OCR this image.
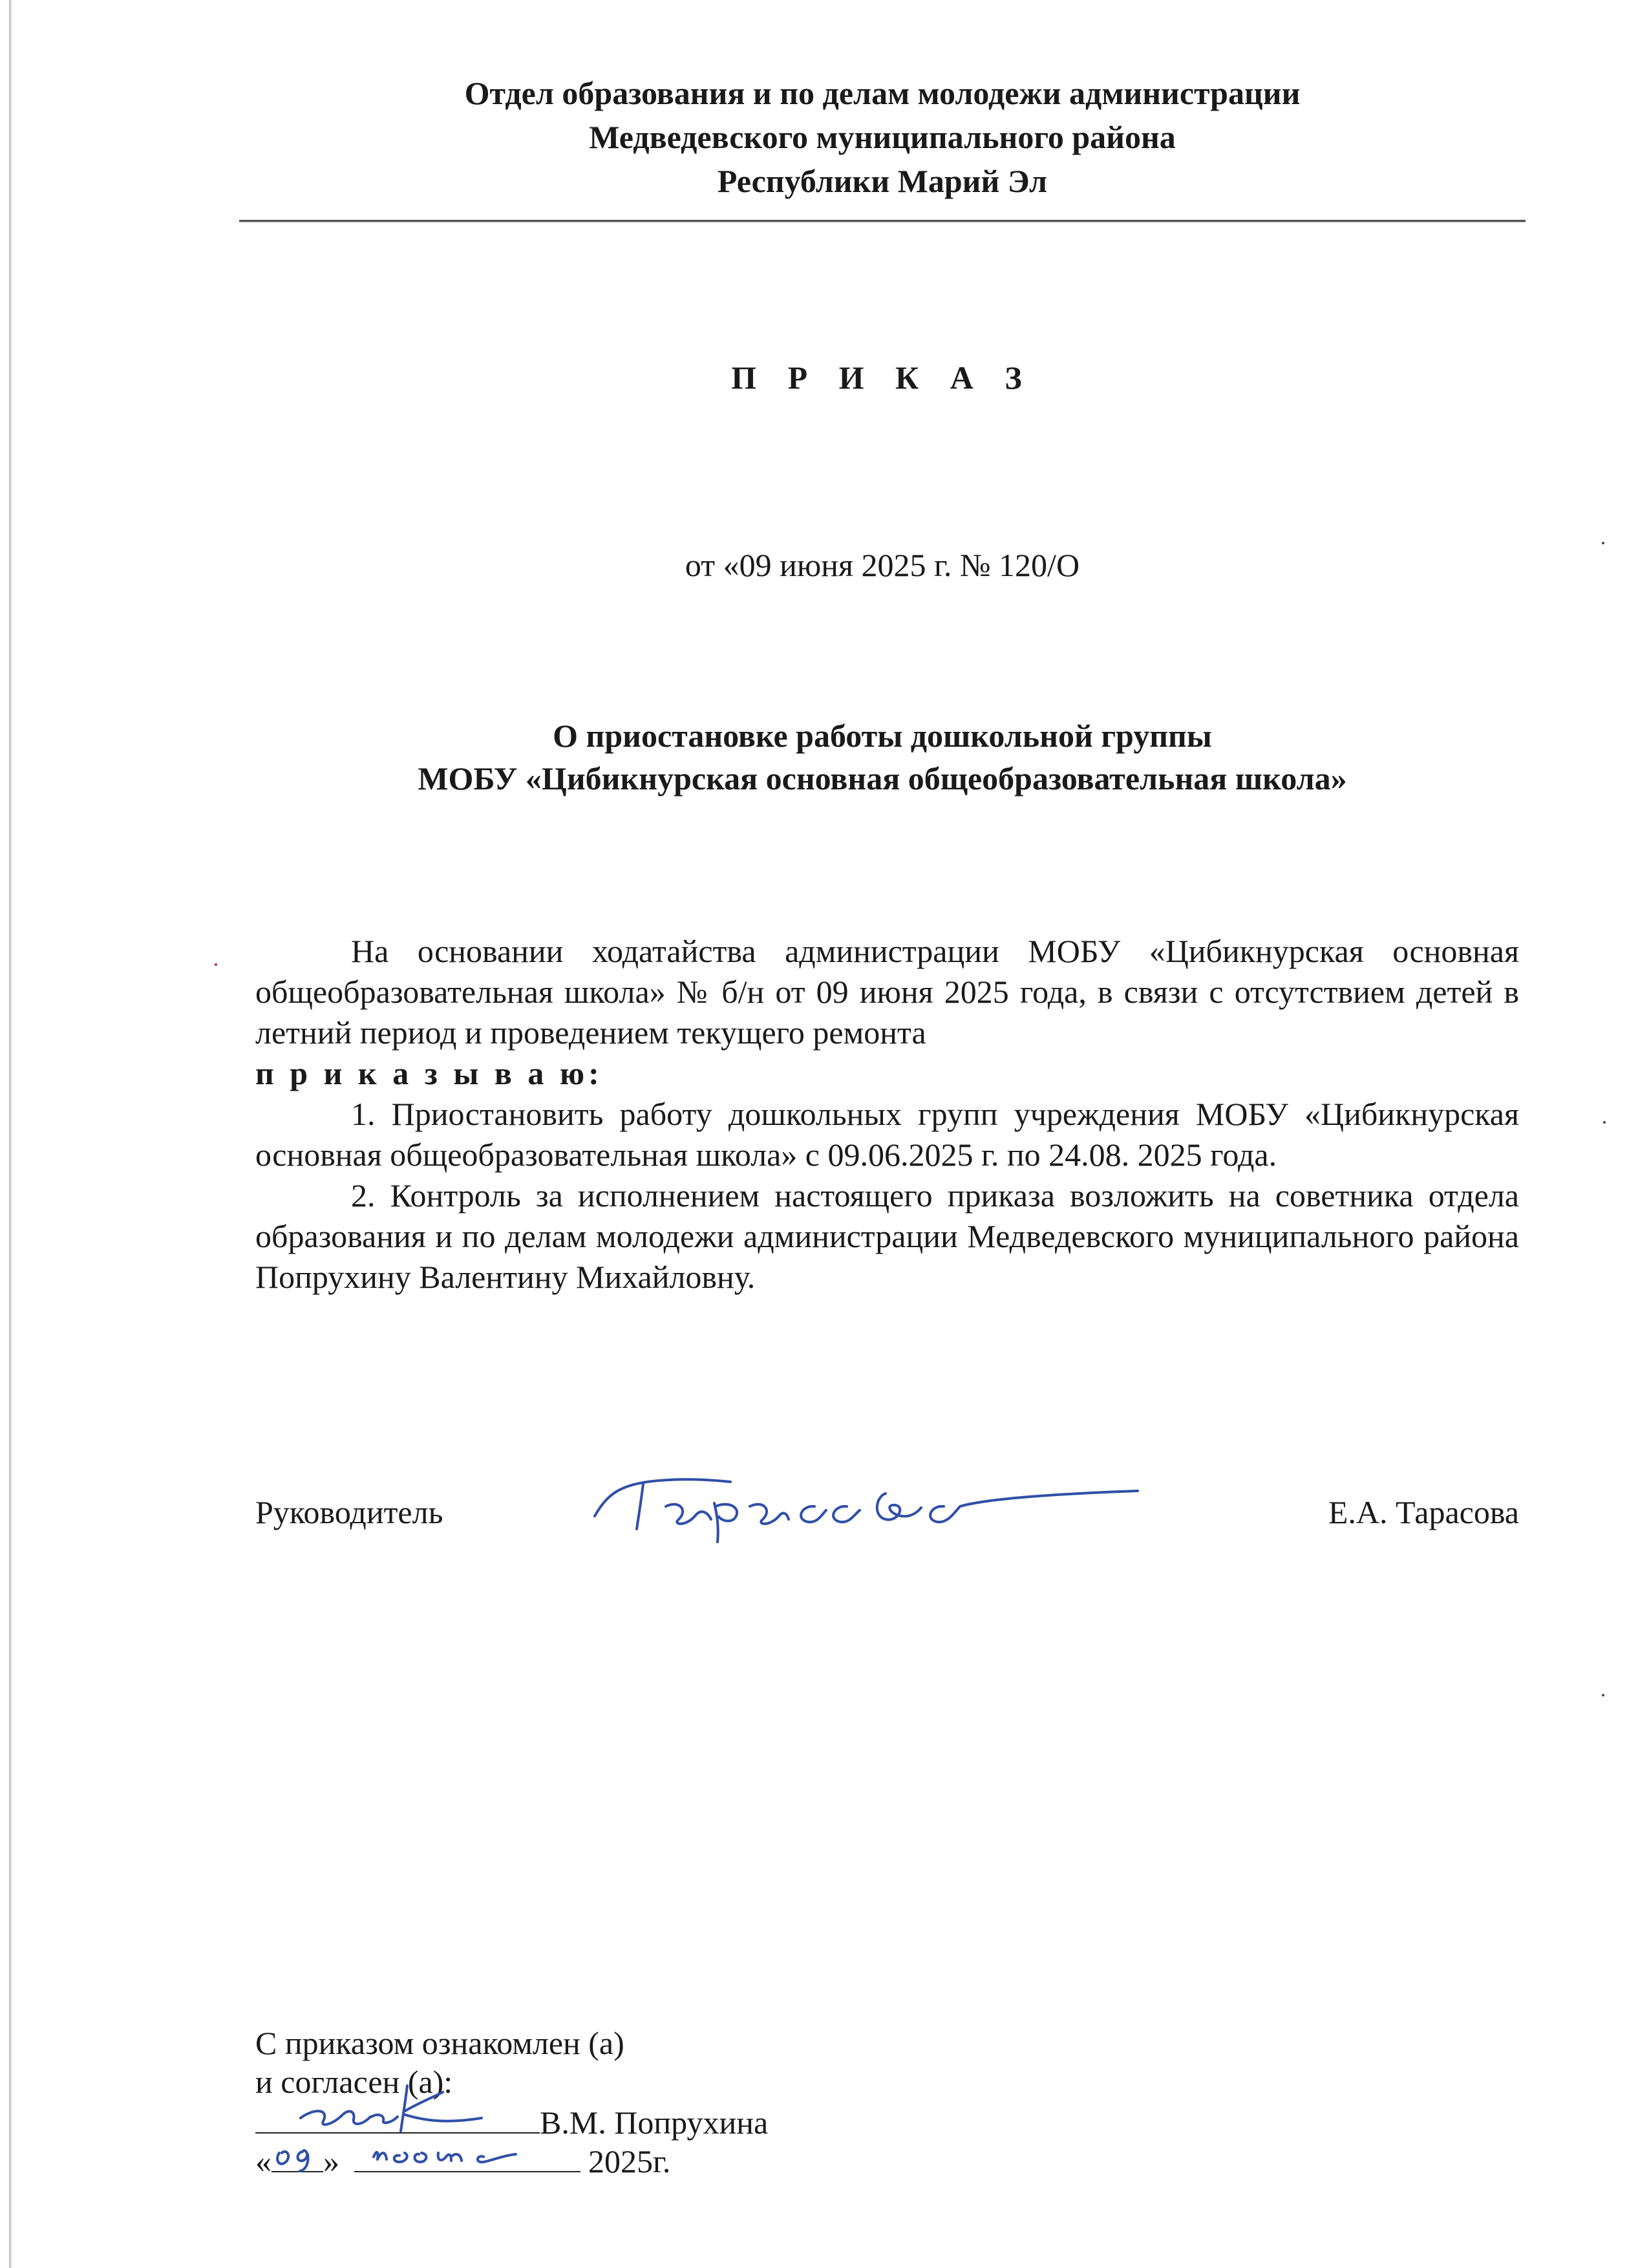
Отдел образования и по делам молодежи администрации
Медведевского муниципального района
Республики Марий Эл
П Р И К А З
от «09 июня 2025 г. № 120/О
О приостановке работы дошкольной группы
МОБУ «Цибикнурская основная общеобразовательная школа»

На основании ходатайства администрации МОБУ «Цибикнурская основная общеобразовательная школа» № б/н от 09 июня 2025 года, в связи с отсутствием детей в летний период и проведением текущего ремонта

п р и к а з ы в а ю:

1. Приостановить работу дошкольных групп учреждения МОБУ «Цибикнурская основная общеобразовательная школа» с 09.06.2025 г. по 24.08. 2025 года.

2. Контроль за исполнением настоящего приказа возложить на советника отдела образования и по делам молодежи администрации Медведевского муниципального района Попрухину Валентину Михайловну.

Руководитель	Е.А. Тарасова
С приказом ознакомлен (а)
и согласен (а):
В.М. Попрухина
« »	2025г.
